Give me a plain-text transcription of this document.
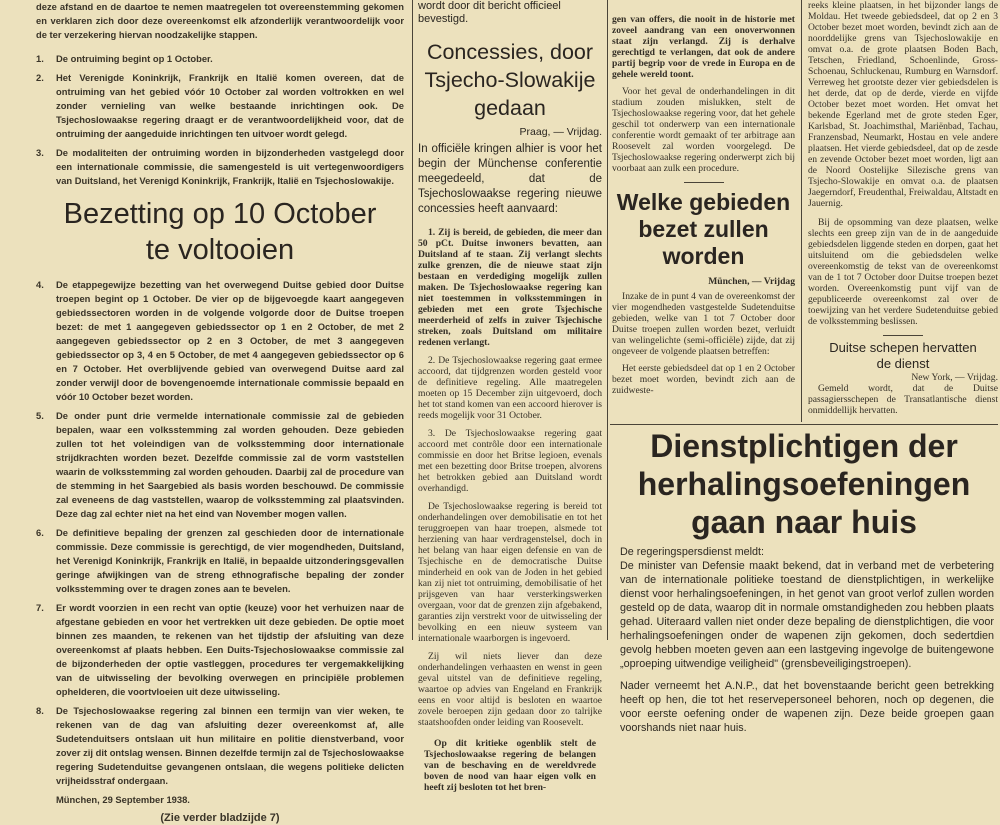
deze afstand en de daartoe te nemen maatregelen tot overeenstemming gekomen en verklaren zich door deze overeenkomst elk afzonderlijk verantwoordelijk voor de ter verzekering hiervan noodzakelijke stappen.
1.	De ontruiming begint op 1 October.
2.	Het Verenigde Koninkrijk, Frankrijk en Italië komen overeen, dat de ontruiming van het gebied vóór 10 October zal worden voltrokken en wel zonder vernieling van welke bestaande inrichtingen ook. De Tsjechoslowaakse regering draagt er de verantwoordelijkheid voor, dat de ontruiming der aangeduide inrichtingen ten uitvoer wordt gelegd.
3.	De modaliteiten der ontruiming worden in bijzonderheden vastgelegd door een internationale commissie, die samengesteld is uit vertegenwoordigers van Duitsland, het Verenigd Koninkrijk, Frankrijk, Italië en Tsjechoslowakije.
Bezetting op 10 October
te voltooien
4.	De etappegewijze bezetting van het overwegend Duitse gebied door Duitse troepen begint op 1 October. De vier op de bijgevoegde kaart aangegeven gebiedssectoren worden in de volgende volgorde door de Duitse troepen bezet: de met 1 aangegeven gebiedssector op 1 en 2 October, de met 2 aangegeven gebiedssector op 2 en 3 October, de met 3 aangegeven gebiedssector op 3, 4 en 5 October, de met 4 aangegeven gebiedssector op 6 en 7 October. Het overblijvende gebied van overwegend Duitse aard zal zonder verwijl door de bovengenoemde internationale commissie bepaald en vóór 10 October bezet worden.
5.	De onder punt drie vermelde internationale commissie zal de gebieden bepalen, waar een volksstemming zal worden gehouden. Deze gebieden zullen tot het voleindigen van de volksstemming door internationale strijdkrachten worden bezet. Dezelfde commissie zal de vorm vaststellen waarin de volksstemming zal worden gehouden. Daarbij zal de procedure van de stemming in het Saargebied als basis worden beschouwd. De commissie zal eveneens de dag vaststellen, waarop de volksstemming zal plaatsvinden. Deze dag zal echter niet na het eind van November mogen vallen.
6.	De definitieve bepaling der grenzen zal geschieden door de internationale commissie. Deze commissie is gerechtigd, de vier mogendheden, Duitsland, het Verenigd Koninkrijk, Frankrijk en Italië, in bepaalde uitzonderingsgevallen geringe afwijkingen van de streng ethnografische bepaling der zonder volksstemming over te dragen zones aan te bevelen.
7.	Er wordt voorzien in een recht van optie (keuze) voor het verhuizen naar de afgestane gebieden en voor het vertrekken uit deze gebieden. De optie moet binnen zes maanden, te rekenen van het tijdstip der afsluiting van deze overeenkomst af plaats hebben. Een Duits-Tsjechoslowaakse commissie zal de bijzonderheden der optie vastleggen, procedures ter vergemakkelijking van de uitwisseling der bevolking overwegen en principiële problemen ophelderen, die voortvloeien uit deze uitwisseling.
8.	De Tsjechoslowaakse regering zal binnen een termijn van vier weken, te rekenen van de dag van afsluiting dezer overeenkomst af, alle Sudetenduitsers ontslaan uit hun militaire en politie dienstverband, voor zover zij dit ontslag wensen. Binnen dezelfde termijn zal de Tsjechoslowaakse regering Sudetenduitse gevangenen ontslaan, die wegens politieke delicten vrijheidsstraf ondergaan.
München, 29 September 1938.
(Zie verder bladzijde 7)
wordt door dit bericht officieel bevestigd.
Concessies, door
Tsjecho-Slowakije
gedaan
Praag, — Vrijdag.
In officiële kringen alhier is voor het begin der Münchense conferentie meegedeeld, dat de Tsjechoslowaakse regering nieuwe concessies heeft aanvaard:

1. Zij is bereid, de gebieden, die meer dan 50 pCt. Duitse inwoners bevatten, aan Duitsland af te staan. Zij verlangt slechts zulke grenzen, die de nieuwe staat zijn bestaan en verdediging mogelijk zullen maken. De Tsjechoslowaakse regering kan niet toestemmen in volksstemmingen in gebieden met een grote Tsjechische meerderheid of zelfs in zuiver Tsjechische streken, zoals Duitsland om militaire redenen verlangt.

2. De Tsjechoslowaakse regering gaat ermee accoord, dat tijdgrenzen worden gesteld voor de definitieve regeling. Alle maatregelen moeten op 15 December zijn uitgevoerd, doch het tot stand komen van een accoord hierover is reeds mogelijk voor 31 October.

3. De Tsjechoslowaakse regering gaat accoord met contrôle door een internationale commissie en door het Britse legioen, evenals met een bezetting door Britse troepen, alvorens het betrokken gebied aan Duitsland wordt overhandigd.

De Tsjechoslowaakse regering is bereid tot onderhandelingen over demobilisatie en tot het teruggroepen van haar troepen, alsmede tot herziening van haar verdragenstelsel, doch in het belang van haar eigen defensie en van de Tsjechische en de democratische Duitse minderheid en ook van de Joden in het gebied kan zij niet tot ontruiming, demobilisatie of het prijsgeven van haar versterkingswerken overgaan, voor dat de grenzen zijn afgebakend, garanties zijn verstrekt voor de uitwisseling der bevolking en een nieuw systeem van internationale waarborgen is ingevoerd.

Zij wil niets liever dan deze onderhandelingen verhaasten en wenst in geen geval uitstel van de definitieve regeling, waartoe op advies van Engeland en Frankrijk eens en voor altijd is besloten en waartoe zovele beroepen zijn gedaan door zo talrijke staatshoofden onder leiding van Roosevelt.

Op dit kritieke ogenblik stelt de Tsjechoslowaakse regering de belangen van de beschaving en de wereldvrede boven de nood van haar eigen volk en heeft zij besloten tot het bren-

gen van offers, die nooit in de historie met zoveel aandrang van een onoverwonnen staat zijn verlangd. Zij is derhalve gerechtigd te verlangen, dat ook de andere partij begrip voor de vrede in Europa en de gehele wereld toont.

Voor het geval de onderhandelingen in dit stadium zouden mislukken, stelt de Tsjechoslowaakse regering voor, dat het gehele geschil tot onderwerp van een internationale conferentie wordt gemaakt of ter arbitrage aan Roosevelt zal worden voorgelegd. De Tsjechoslowaakse regering onderwerpt zich bij voorbaat aan zulk een procedure.

Welke gebieden
bezet zullen
worden
München, — Vrijdag

Inzake de in punt 4 van de overeenkomst der vier mogendheden vastgestelde Sudetenduitse gebieden, welke van 1 tot 7 October door Duitse troepen zullen worden bezet, verluidt van welingelichte (semi-officiële) zijde, dat zij ongeveer de volgende plaatsen betreffen:

Het eerste gebiedsdeel dat op 1 en 2 October bezet moet worden, bevindt zich aan de zuidweste-

reeks kleine plaatsen, in het bijzonder langs de Moldau. Het tweede gebiedsdeel, dat op 2 en 3 October bezet moet worden, bevindt zich aan de noorddelijke grens van Tsjechoslowakije en omvat o.a. de grote plaatsen Boden Bach, Tetschen, Friedland, Schoenlinde, Gross-Schoenau, Schluckenau, Rumburg en Warnsdorf. Verreweg het grootste dezer vier gebiedsdelen is het derde, dat op de derde, vierde en vijfde October bezet moet worden. Het omvat het bekende Egerland met de grote steden Eger, Karlsbad, St. Joachimsthal, Mariënbad, Tachau, Franzensbad, Neumarkt, Hostau en vele andere plaatsen. Het vierde gebiedsdeel, dat op de zesde en zevende October bezet moet worden, ligt aan de Noord Oostelijke Silezische grens van Tsjecho-Slowakije en omvat o.a. de plaatsen Jaegerndorf, Freudenthal, Freiwaldau, Altstadt en Jauernig.

Bij de opsomming van deze plaatsen, welke slechts een greep zijn van de in de aangeduide gebiedsdelen liggende steden en dorpen, gaat het uitsluitend om die gebiedsdelen welke overeenkomstig de tekst van de overeenkomst van de 1 tot 7 October door Duitse troepen bezet worden. Overeenkomstig punt vijf van de gepubliceerde overeenkomst zal over de toewijzing van het verdere Sudetenduitse gebied de volksstemming beslissen.

Duitse schepen hervatten
de dienst
New York, — Vrijdag.

Gemeld wordt, dat de Duitse passagiersschepen de Transatlantische dienst onmiddellijk hervatten.

Dienstplichtigen der
herhalingsoefeningen
gaan naar huis
De regeringspersdienst meldt:
De minister van Defensie maakt bekend, dat in verband met de verbetering van de internationale politieke toestand de dienstplichtigen, in werkelijke dienst voor herhalingsoefeningen, in het genot van groot verlof zullen worden gesteld op de data, waarop dit in normale omstandigheden zou hebben plaats gehad. Uiteraard vallen niet onder deze bepaling de dienstplichtigen, die voor herhalingsoefeningen onder de wapenen zijn gekomen, doch sedertdien gevolg hebben moeten geven aan een lastgeving ingevolge de buitengewone „oproeping uitwendige veiligheid" (grensbeveiligingstroepen).
Nader verneemt het A.N.P., dat het bovenstaande bericht geen betrekking heeft op hen, die tot het reservepersoneel behoren, noch op degenen, die voor eerste oefening onder de wapenen zijn. Deze beide groepen gaan voorshands niet naar huis.
